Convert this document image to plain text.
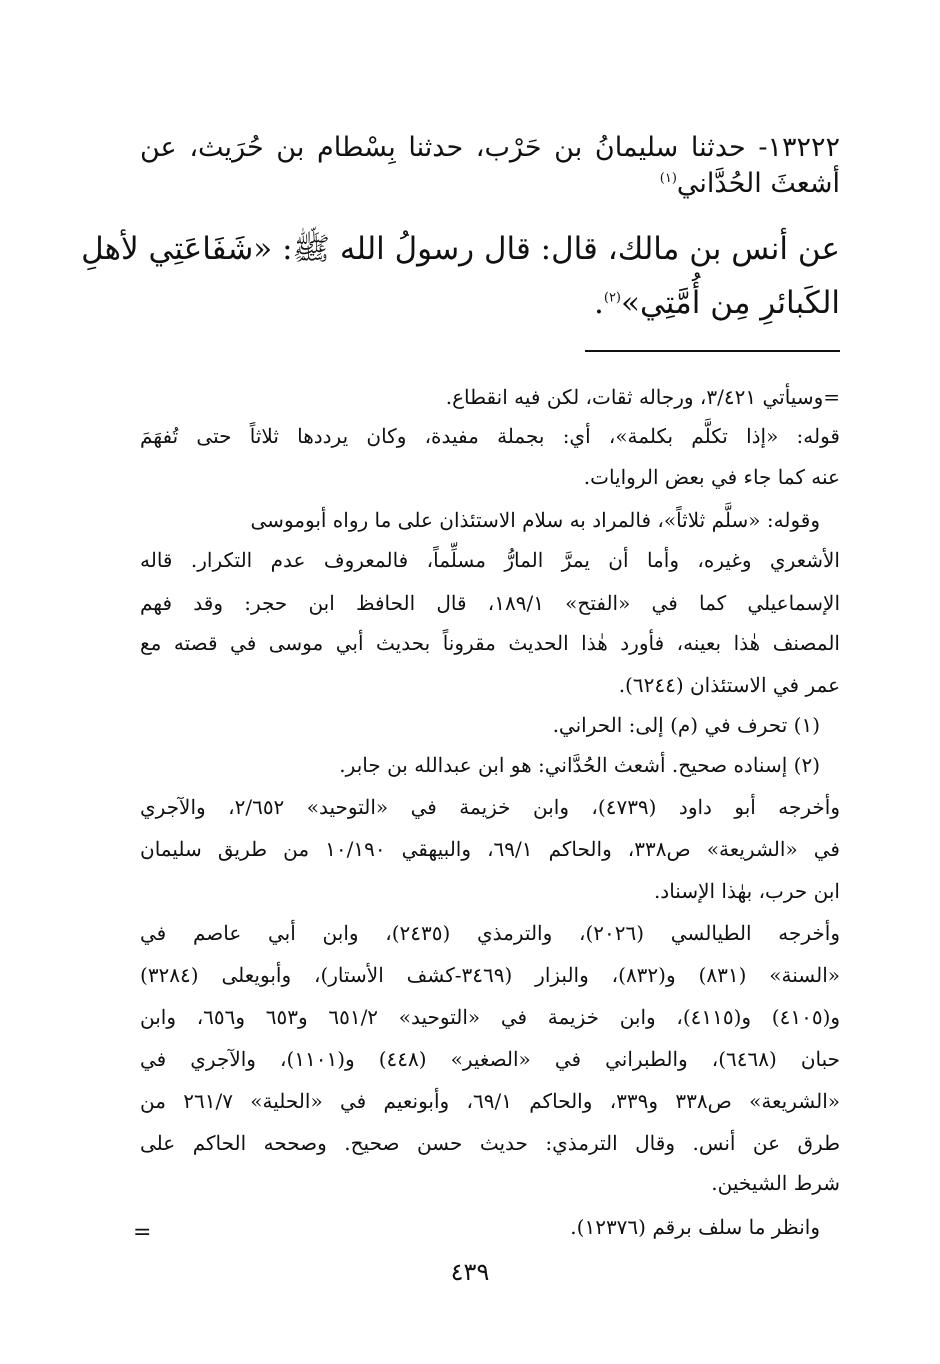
١٣٢٢٢- حدثنا سليمانُ بن حَرْب، حدثنا بِسْطام بن حُرَيث، عن

أشعثَ الحُدَّاني$^{(١)}$

عن أنس بن مالك، قال: قال رسولُ الله ﷺ: «شَفَاعَتِي لأهلِ

الكَبائرِ مِن أُمَّتِي»$^{(٢)}$.

=وسيأتي ٣/٤٢١، ورجاله ثقات، لكن فيه انقطاع.

قوله: «إذا تكلَّم بكلمة»، أي: بجملة مفيدة، وكان يرددها ثلاثاً حتى تُفهَمَ

عنه كما جاء في بعض الروايات.

وقوله: «سلَّم ثلاثاً»، فالمراد به سلام الاستئذان على ما رواه أبوموسى

الأشعري وغيره، وأما أن يمرَّ المارُّ مسلِّماً، فالمعروف عدم التكرار. قاله

الإسماعيلي كما في «الفتح» ١٨٩/١، قال الحافظ ابن حجر: وقد فهم

المصنف هٰذا بعينه، فأورد هٰذا الحديث مقروناً بحديث أبي موسى في قصته مع

عمر في الاستئذان (٦٢٤٤).

(١) تحرف في (م) إلى: الحراني.

(٢) إسناده صحيح. أشعث الحُدَّاني: هو ابن عبدالله بن جابر.

وأخرجه أبو داود (٤٧٣٩)، وابن خزيمة في «التوحيد» ٢/٦٥٢، والآجري

في «الشريعة» ص٣٣٨، والحاكم ٦٩/١، والبيهقي ١٠/١٩٠ من طريق سليمان

ابن حرب، بهٰذا الإسناد.

وأخرجه الطيالسي (٢٠٢٦)، والترمذي (٢٤٣٥)، وابن أبي عاصم في

«السنة» (٨٣١) و(٨٣٢)، والبزار (٣٤٦٩-كشف الأستار)، وأبويعلى (٣٢٨٤)

و(٤١٠٥) و(٤١١٥)، وابن خزيمة في «التوحيد» ٦٥١/٢ و٦٥٣ و٦٥٦، وابن

حبان (٦٤٦٨)، والطبراني في «الصغير» (٤٤٨) و(١١٠١)، والآجري في

«الشريعة» ص٣٣٨ و٣٣٩، والحاكم ٦٩/١، وأبونعيم في «الحلية» ٢٦١/٧ من

طرق عن أنس. وقال الترمذي: حديث حسن صحيح. وصححه الحاكم على

شرط الشيخين.

وانظر ما سلف برقم (١٢٣٧٦).

=
٤٣٩
